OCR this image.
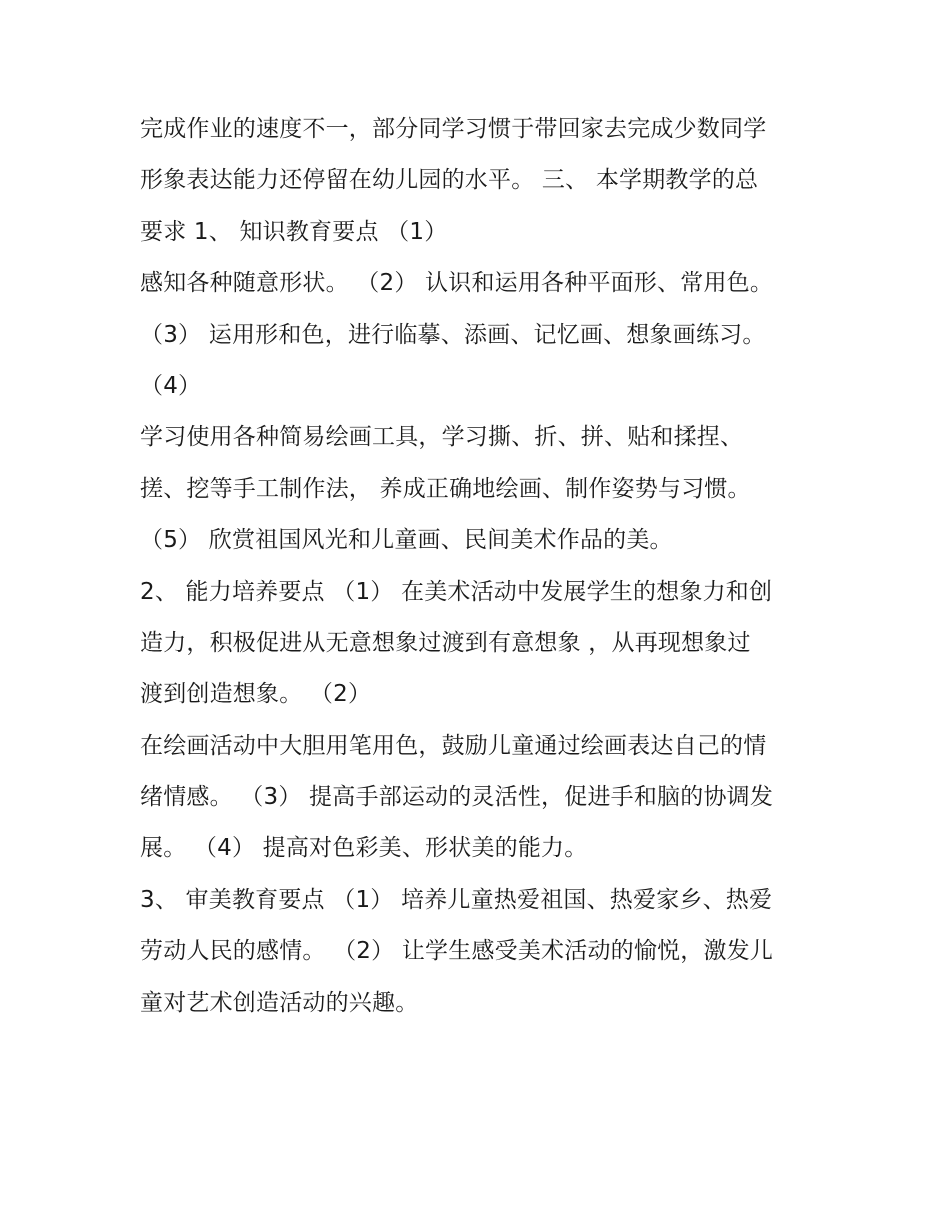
完成作业的速度不一，部分同学习惯于带回家去完成少数同学
形象表达能力还停留在幼儿园的水平。 三、 本学期教学的总
要求 1、 知识教育要点 （1）
感知各种随意形状。 （2） 认识和运用各种平面形、常用色。
（3） 运用形和色，进行临摹、添画、记忆画、想象画练习。
（4）
学习使用各种简易绘画工具，学习撕、折、拼、贴和揉捏、
搓、挖等手工制作法， 养成正确地绘画、制作姿势与习惯。
（5） 欣赏祖国风光和儿童画、民间美术作品的美。
2、 能力培养要点 （1） 在美术活动中发展学生的想象力和创
造力，积极促进从无意想象过渡到有意想象 ，从再现想象过
渡到创造想象。 （2）
在绘画活动中大胆用笔用色，鼓励儿童通过绘画表达自己的情
绪情感。 （3） 提高手部运动的灵活性，促进手和脑的协调发
展。 （4） 提高对色彩美、形状美的能力。
3、 审美教育要点 （1） 培养儿童热爱祖国、热爱家乡、热爱
劳动人民的感情。 （2） 让学生感受美术活动的愉悦，激发儿
童对艺术创造活动的兴趣。
